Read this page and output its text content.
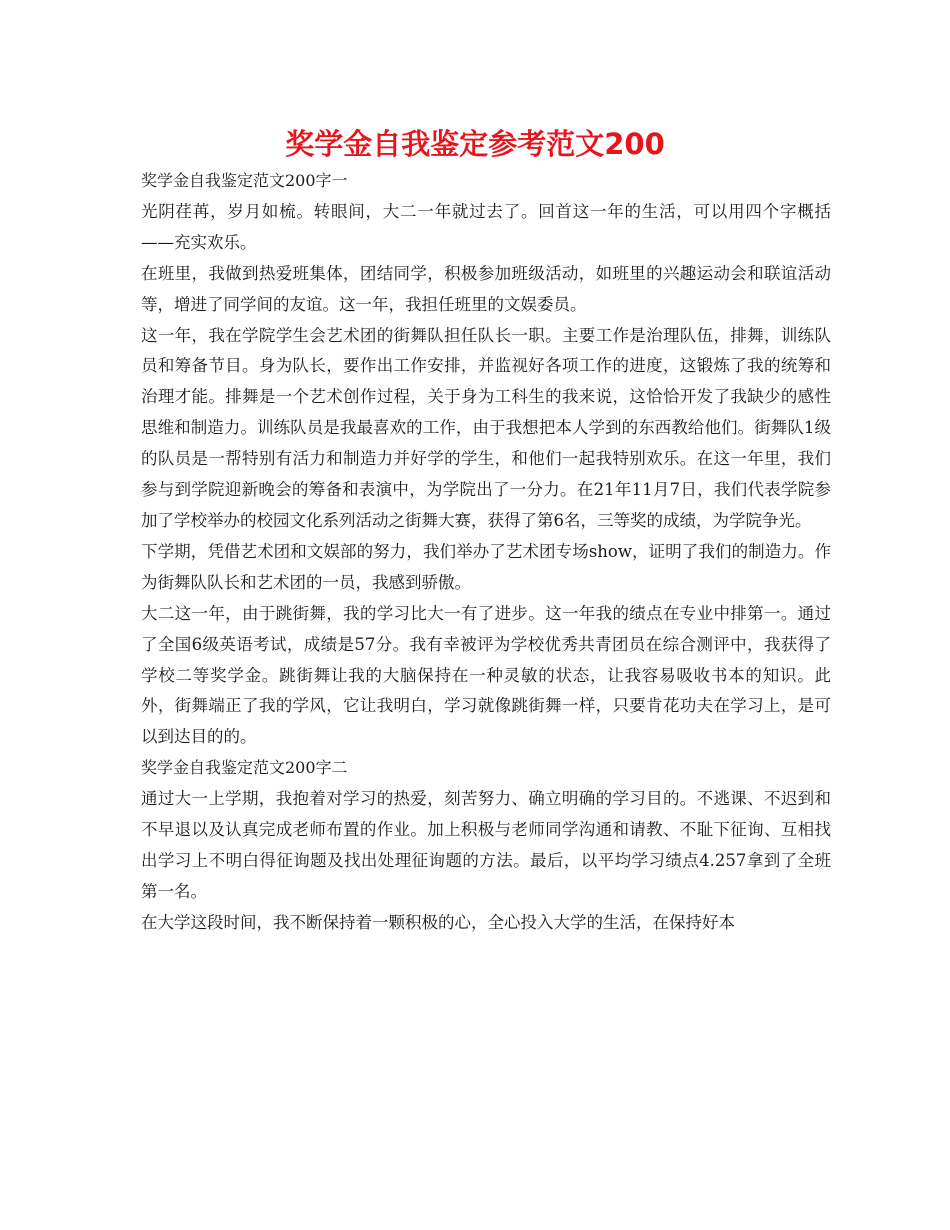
奖学金自我鉴定参考范文200

奖学金自我鉴定范文200字一

光阴荏苒，岁月如梳。转眼间，大二一年就过去了。回首这一年的生活，可以用四个字概括——充实欢乐。

在班里，我做到热爱班集体，团结同学，积极参加班级活动，如班里的兴趣运动会和联谊活动等，增进了同学间的友谊。这一年，我担任班里的文娱委员。

这一年，我在学院学生会艺术团的街舞队担任队长一职。主要工作是治理队伍，排舞，训练队员和筹备节目。身为队长，要作出工作安排，并监视好各项工作的进度，这锻炼了我的统筹和治理才能。排舞是一个艺术创作过程，关于身为工科生的我来说，这恰恰开发了我缺少的感性思维和制造力。训练队员是我最喜欢的工作，由于我想把本人学到的东西教给他们。街舞队1级的队员是一帮特别有活力和制造力并好学的学生，和他们一起我特别欢乐。在这一年里，我们参与到学院迎新晚会的筹备和表演中，为学院出了一分力。在21年11月7日，我们代表学院参加了学校举办的校园文化系列活动之街舞大赛，获得了第6名，三等奖的成绩，为学院争光。

下学期，凭借艺术团和文娱部的努力，我们举办了艺术团专场show，证明了我们的制造力。作为街舞队队长和艺术团的一员，我感到骄傲。

大二这一年，由于跳街舞，我的学习比大一有了进步。这一年我的绩点在专业中排第一。通过了全国6级英语考试，成绩是57分。我有幸被评为学校优秀共青团员在综合测评中，我获得了学校二等奖学金。跳街舞让我的大脑保持在一种灵敏的状态，让我容易吸收书本的知识。此外，街舞端正了我的学风，它让我明白，学习就像跳街舞一样，只要肯花功夫在学习上，是可以到达目的的。

奖学金自我鉴定范文200字二

通过大一上学期，我抱着对学习的热爱，刻苦努力、确立明确的学习目的。不逃课、不迟到和不早退以及认真完成老师布置的作业。加上积极与老师同学沟通和请教、不耻下征询、互相找出学习上不明白得征询题及找出处理征询题的方法。最后，以平均学习绩点4.257拿到了全班第一名。

在大学这段时间，我不断保持着一颗积极的心，全心投入大学的生活，在保持好本
